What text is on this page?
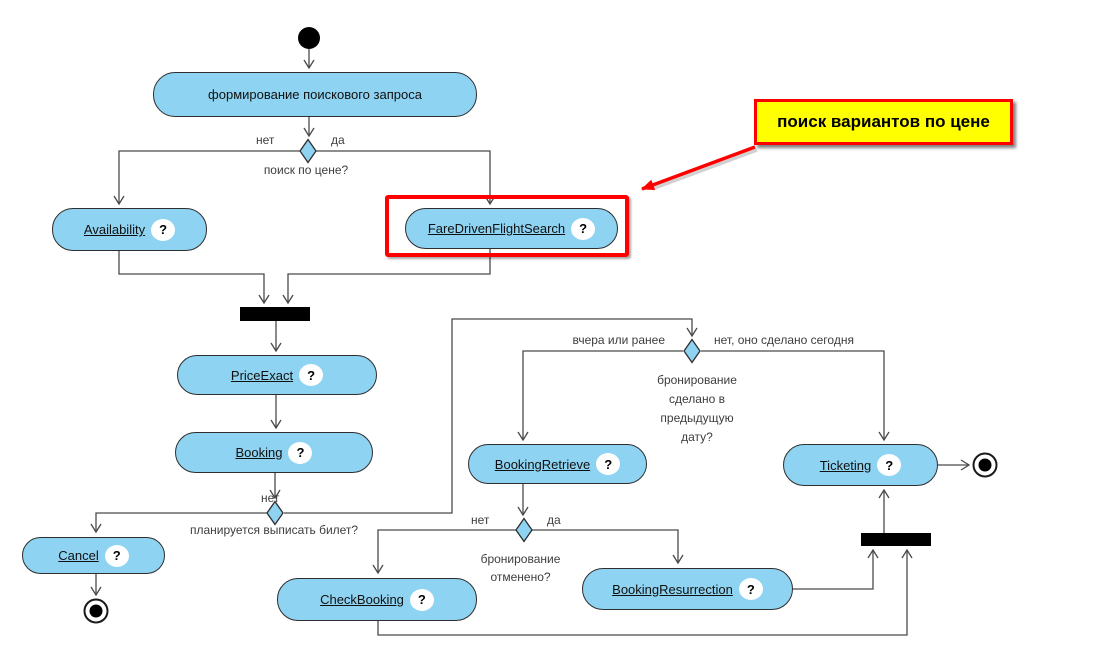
поиск вариантов по цене
формирование поискового запроса
Availability	?	FareDrivenFlightSearch	?
PriceExact	?
Booking	?
Cancel	?
BookingRetrieve	?
CheckBooking	?
BookingResurrection	?
Ticketing	?
нет	да
поиск по цене?
нет
планируется выписать билет?
вчера или ранее	нет, оно сделано сегодня
бронирование сделано в предыдущую дату?
нет	да
бронирование отменено?
